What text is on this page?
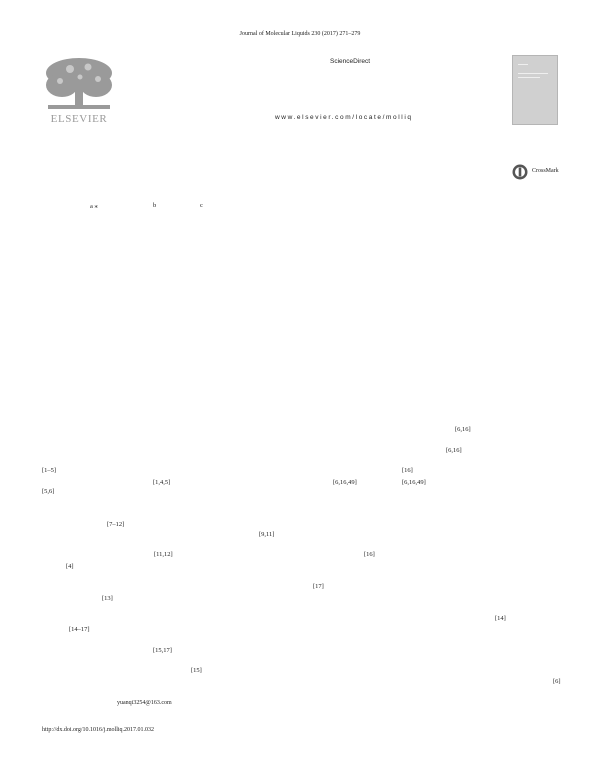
Journal of Molecular Liquids 230 (2017) 271–279
ELSEVIER
ScienceDirect
www.elsevier.com/locate/molliq
CrossMark
a ⁎	b	c
[6,16]
[6,16]
[1–5]	[16]
[1,4,5]	[6,16,49]	[6,16,49]
[5,6]
[7–12]
[9,11]
[11,12]	[16]
[4]
[17]
[13]
[14]
[14–17]
[15,17]
[15]
[6]
yuanqi3254@163.com
http://dx.doi.org/10.1016/j.molliq.2017.01.032
